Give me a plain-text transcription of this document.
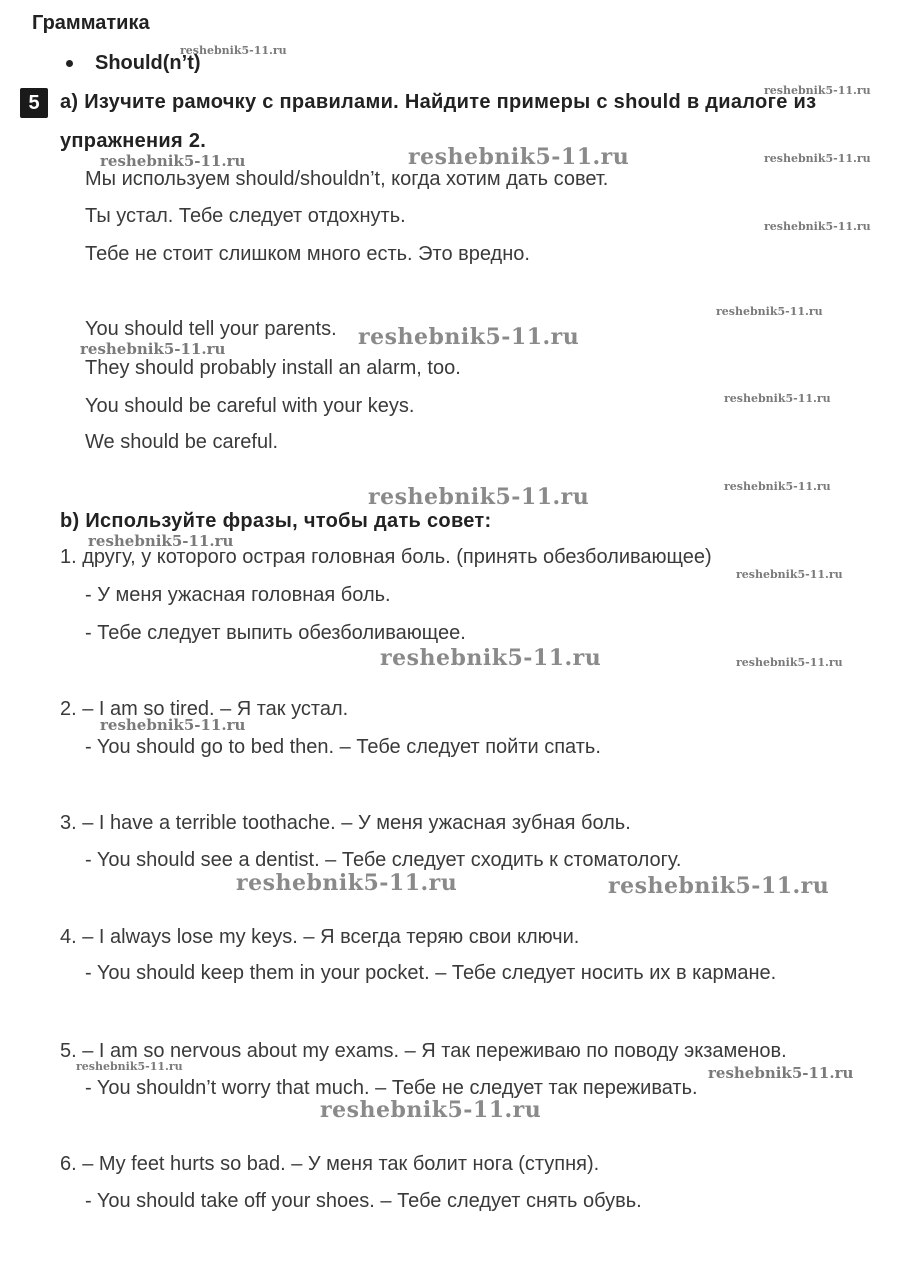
Грамматика
Should(n’t)
5	a) Изучите рамочку с правилами. Найдите примеры с should в диалоге из
упражнения 2.
Мы используем should/shouldn’t, когда хотим дать совет.
Ты устал. Тебе следует отдохнуть.
Тебе не стоит слишком много есть. Это вредно.
You should tell your parents.
They should probably install an alarm, too.
You should be careful with your keys.
We should be careful.
b) Используйте фразы, чтобы дать совет:
1. другу, у которого острая головная боль. (принять обезболивающее)
- У меня ужасная головная боль.
- Тебе следует выпить обезболивающее.
2. – I am so tired. – Я так устал.
- You should go to bed then. – Тебе следует пойти спать.
3. – I have a terrible toothache. – У меня ужасная зубная боль.
- You should see a dentist. – Тебе следует сходить к стоматологу.
4. – I always lose my keys. – Я всегда теряю свои ключи.
- You should keep them in your pocket. – Тебе следует носить их в кармане.
5. – I am so nervous about my exams. – Я так переживаю по поводу экзаменов.
- You shouldn’t worry that much. – Тебе не следует так переживать.
6. – My feet hurts so bad. – У меня так болит нога (ступня).
- You should take off your shoes. – Тебе следует снять обувь.
reshebnik5-11.ru
reshebnik5-11.ru
reshebnik5-11.ru	reshebnik5-11.ru	reshebnik5-11.ru
reshebnik5-11.ru
reshebnik5-11.ru
reshebnik5-11.ru
reshebnik5-11.ru
reshebnik5-11.ru
reshebnik5-11.ru
reshebnik5-11.ru
reshebnik5-11.ru
reshebnik5-11.ru
reshebnik5-11.ru	reshebnik5-11.ru
reshebnik5-11.ru
reshebnik5-11.ru	reshebnik5-11.ru
reshebnik5-11.ru	reshebnik5-11.ru
reshebnik5-11.ru
